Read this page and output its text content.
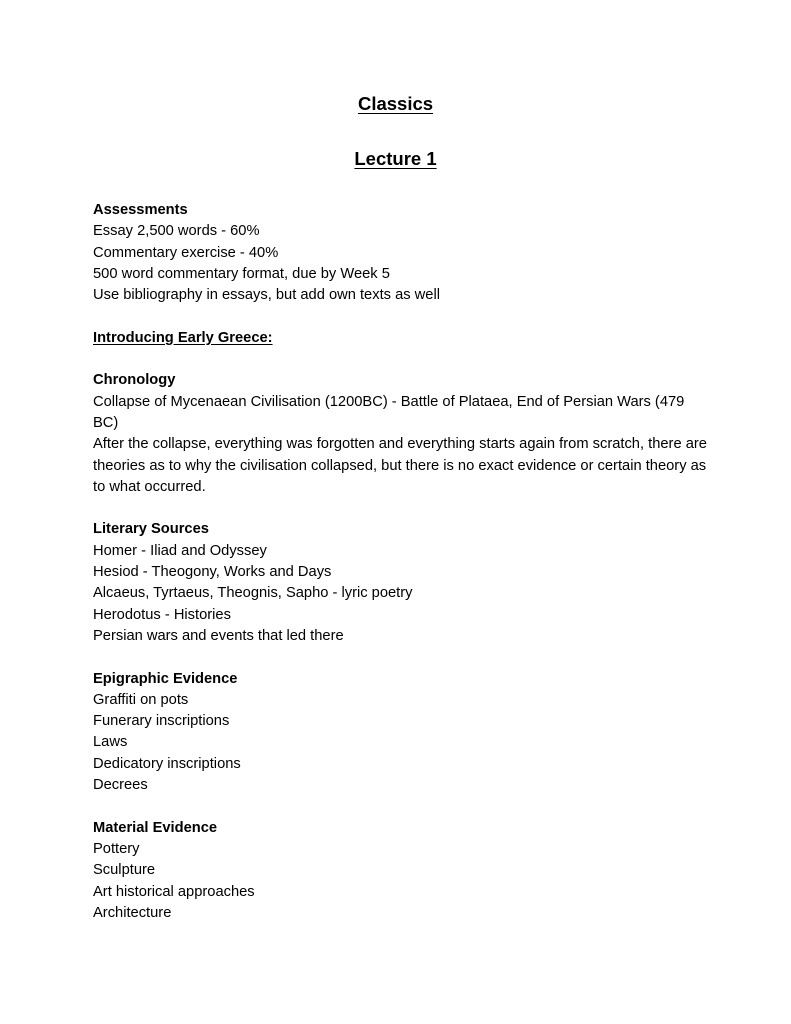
Classics
Lecture 1
Assessments
Essay 2,500 words - 60%
Commentary exercise - 40%
500 word commentary format, due by Week 5
Use bibliography in essays, but add own texts as well
Introducing Early Greece:
Chronology
Collapse of Mycenaean Civilisation (1200BC) - Battle of Plataea, End of Persian Wars (479 BC)
After the collapse, everything was forgotten and everything starts again from scratch, there are theories as to why the civilisation collapsed, but there is no exact evidence or certain theory as to what occurred.
Literary Sources
Homer - Iliad and Odyssey
Hesiod - Theogony, Works and Days
Alcaeus, Tyrtaeus, Theognis, Sapho - lyric poetry
Herodotus - Histories
Persian wars and events that led there
Epigraphic Evidence
Graffiti on pots
Funerary inscriptions
Laws
Dedicatory inscriptions
Decrees
Material Evidence
Pottery
Sculpture
Art historical approaches
Architecture
